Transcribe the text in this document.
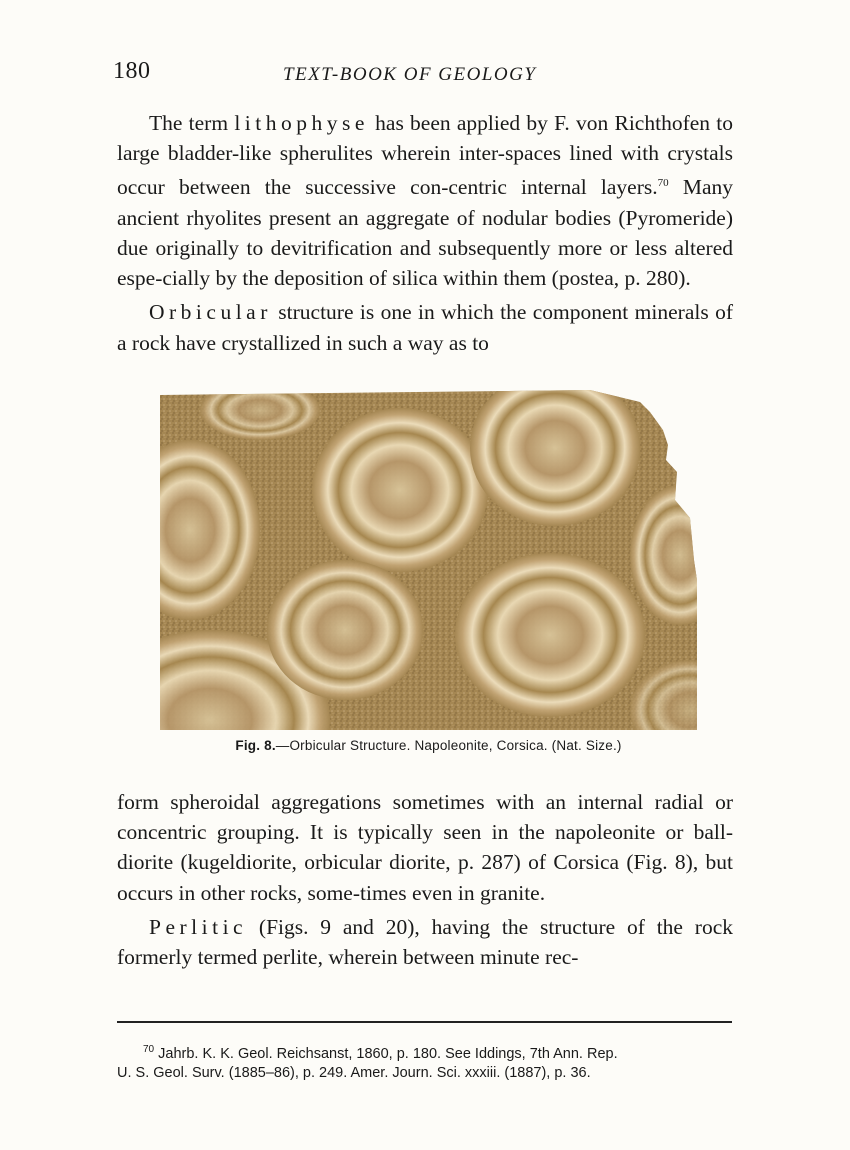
180	TEXT-BOOK OF GEOLOGY

The term lithophyse has been applied by F. von Richthofen to large bladder-like spherulites wherein inter-spaces lined with crystals occur between the successive con-centric internal layers.$^{70}$ Many ancient rhyolites present an aggregate of nodular bodies (Pyromeride) due originally to devitrification and subsequently more or less altered espe-cially by the deposition of silica within them (postea, p. 280).

Orbicular structure is one in which the component minerals of a rock have crystallized in such a way as to

Fig. 8.—Orbicular Structure. Napoleonite, Corsica. (Nat. Size.)

form spheroidal aggregations sometimes with an internal radial or concentric grouping. It is typically seen in the napoleonite or ball-diorite (kugeldiorite, orbicular diorite, p. 287) of Corsica (Fig. 8), but occurs in other rocks, some-times even in granite.

Perlitic (Figs. 9 and 20), having the structure of the rock formerly termed perlite, wherein between minute rec-

$^{70}$ Jahrb. K. K. Geol. Reichsanst, 1860, p. 180. See Iddings, 7th Ann. Rep.

U. S. Geol. Surv. (1885–86), p. 249. Amer. Journ. Sci. xxxiii. (1887), p. 36.
